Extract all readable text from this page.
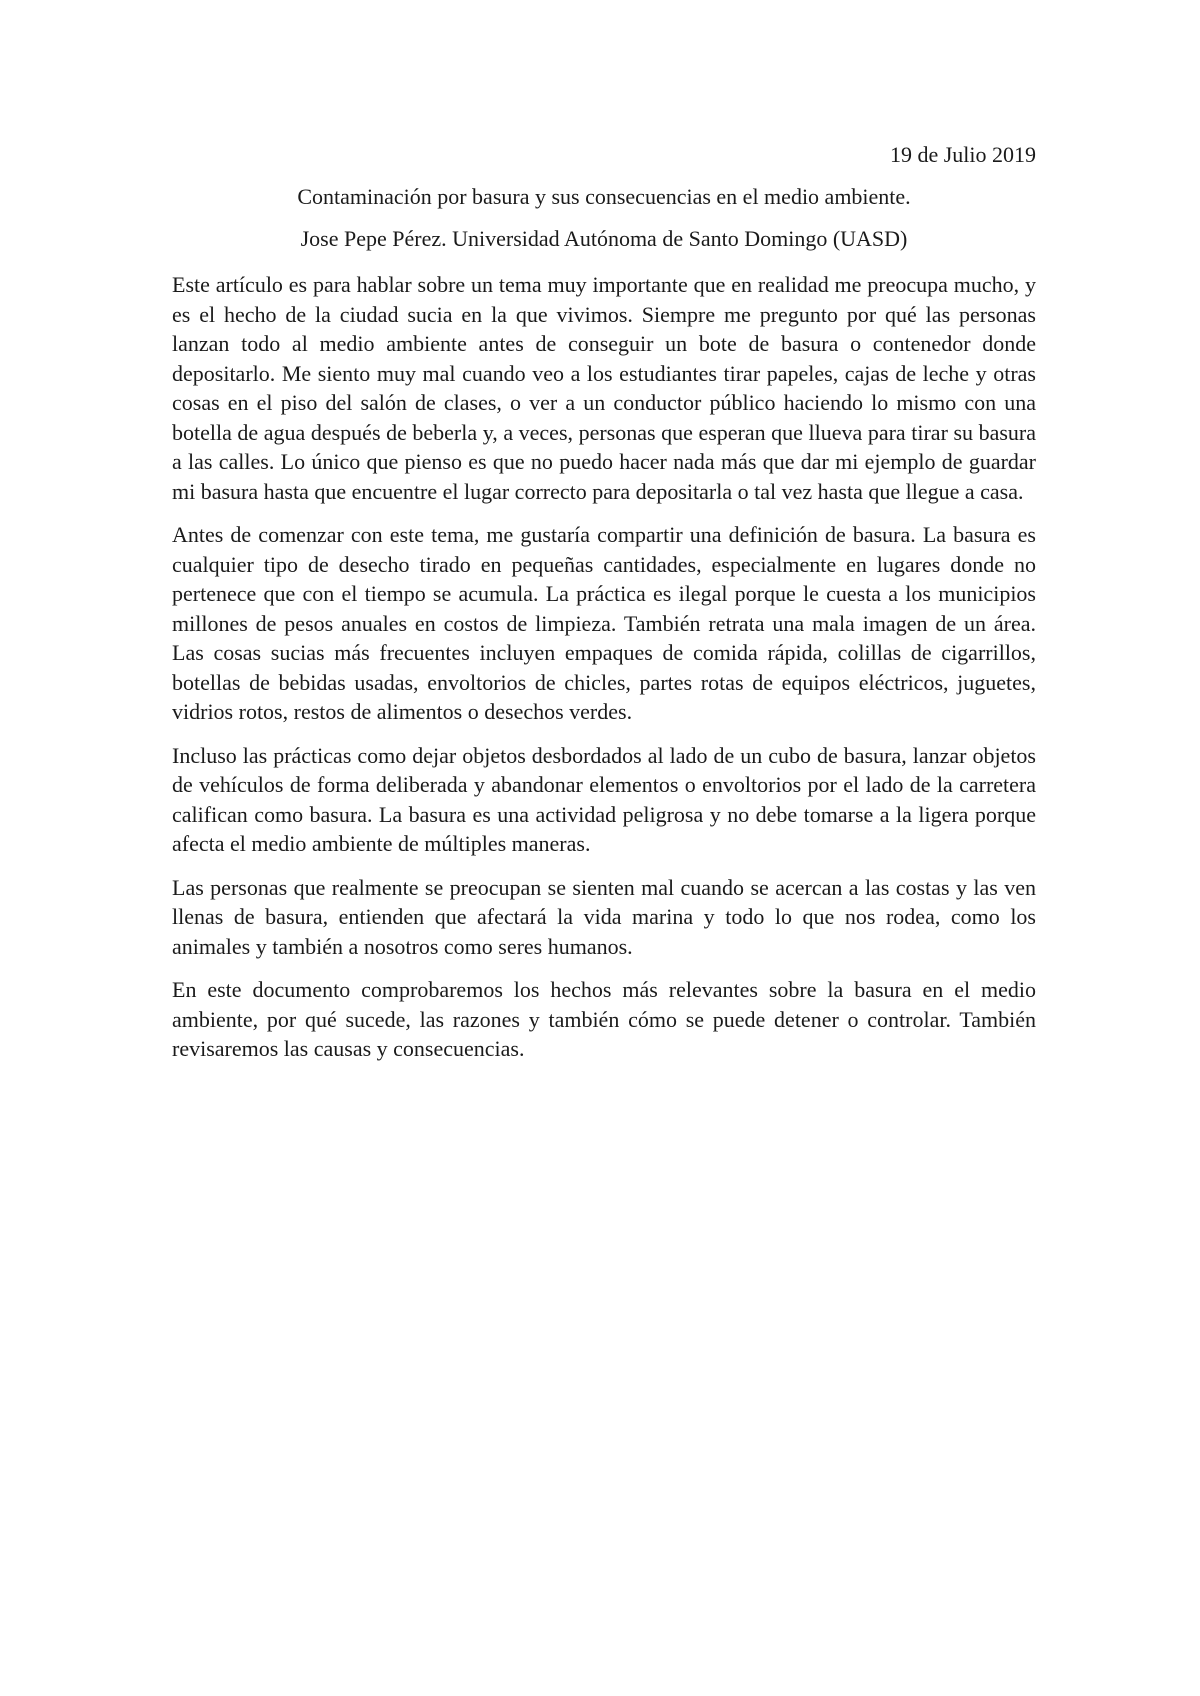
19 de Julio 2019

Contaminación por basura y sus consecuencias en el medio ambiente.

Jose Pepe Pérez. Universidad Autónoma de Santo Domingo (UASD)

Este artículo es para hablar sobre un tema muy importante que en realidad me preocupa mucho, y es el hecho de la ciudad sucia en la que vivimos. Siempre me pregunto por qué las personas lanzan todo al medio ambiente antes de conseguir un bote de basura o contenedor donde depositarlo. Me siento muy mal cuando veo a los estudiantes tirar papeles, cajas de leche y otras cosas en el piso del salón de clases, o ver a un conductor público haciendo lo mismo con una botella de agua después de beberla y, a veces, personas que esperan que llueva para tirar su basura a las calles. Lo único que pienso es que no puedo hacer nada más que dar mi ejemplo de guardar mi basura hasta que encuentre el lugar correcto para depositarla o tal vez hasta que llegue a casa.

Antes de comenzar con este tema, me gustaría compartir una definición de basura. La basura es cualquier tipo de desecho tirado en pequeñas cantidades, especialmente en lugares donde no pertenece que con el tiempo se acumula. La práctica es ilegal porque le cuesta a los municipios millones de pesos anuales en costos de limpieza. También retrata una mala imagen de un área. Las cosas sucias más frecuentes incluyen empaques de comida rápida, colillas de cigarrillos, botellas de bebidas usadas, envoltorios de chicles, partes rotas de equipos eléctricos, juguetes, vidrios rotos, restos de alimentos o desechos verdes.

Incluso las prácticas como dejar objetos desbordados al lado de un cubo de basura, lanzar objetos de vehículos de forma deliberada y abandonar elementos o envoltorios por el lado de la carretera califican como basura. La basura es una actividad peligrosa y no debe tomarse a la ligera porque afecta el medio ambiente de múltiples maneras.

Las personas que realmente se preocupan se sienten mal cuando se acercan a las costas y las ven llenas de basura, entienden que afectará la vida marina y todo lo que nos rodea, como los animales y también a nosotros como seres humanos.

En este documento comprobaremos los hechos más relevantes sobre la basura en el medio ambiente, por qué sucede, las razones y también cómo se puede detener o controlar. También revisaremos las causas y consecuencias.
